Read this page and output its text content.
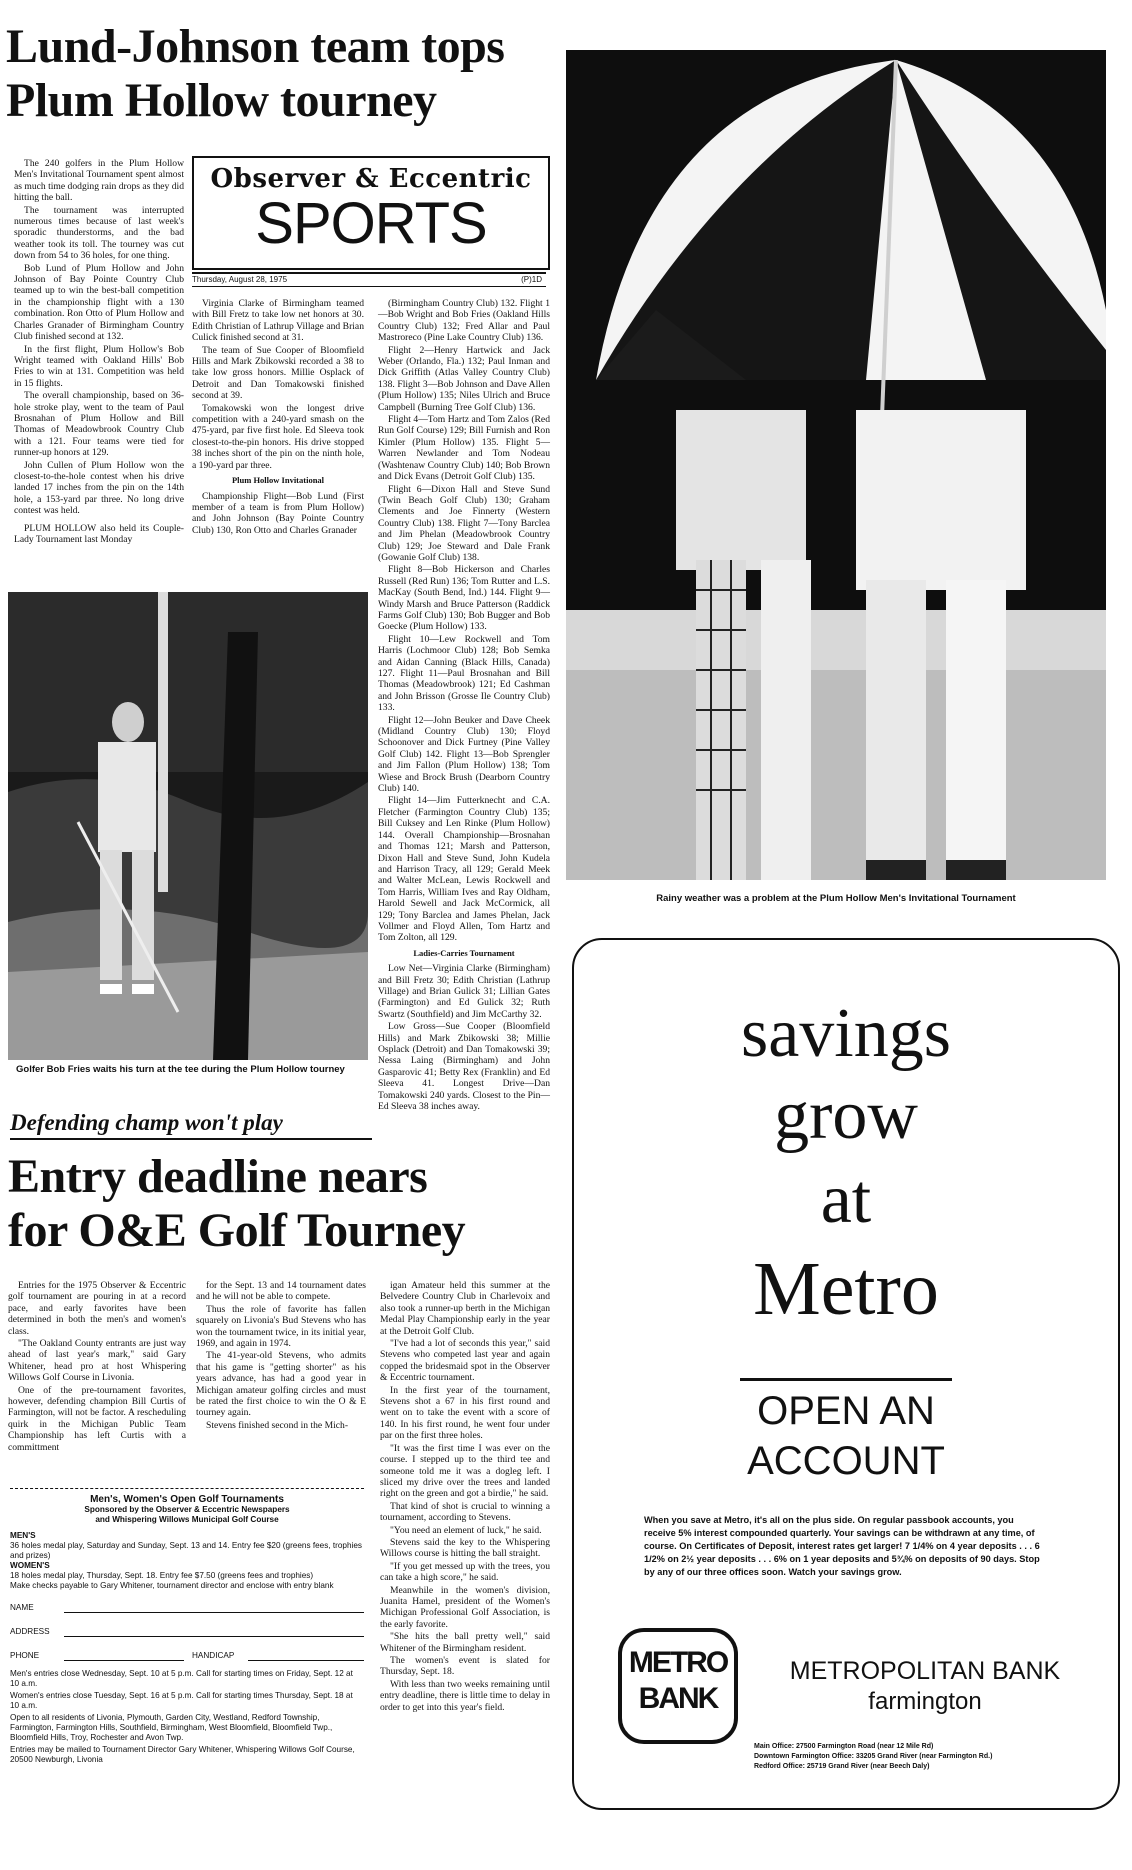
Lund-Johnson team tops
Plum Hollow tourney

The 240 golfers in the Plum Hollow Men's Invitational Tournament spent almost as much time dodging rain drops as they did hitting the ball.

The tournament was interrupted numerous times because of last week's sporadic thunderstorms, and the bad weather took its toll. The tourney was cut down from 54 to 36 holes, for one thing.

Bob Lund of Plum Hollow and John Johnson of Bay Pointe Country Club teamed up to win the best-ball competition in the championship flight with a 130 combination. Ron Otto of Plum Hollow and Charles Granader of Birmingham Country Club finished second at 132.

In the first flight, Plum Hollow's Bob Wright teamed with Oakland Hills' Bob Fries to win at 131. Competition was held in 15 flights.

The overall championship, based on 36-hole stroke play, went to the team of Paul Brosnahan of Plum Hollow and Bill Thomas of Meadowbrook Country Club with a 121. Four teams were tied for runner-up honors at 129.

John Cullen of Plum Hollow won the closest-to-the-hole contest when his drive landed 17 inches from the pin on the 14th hole, a 153-yard par three. No long drive contest was held.

PLUM HOLLOW also held its Couple-Lady Tournament last Monday

Observer & Eccentric
SPORTS
Thursday, August 28, 1975	(P)1D

Virginia Clarke of Birmingham teamed with Bill Fretz to take low net honors at 30. Edith Christian of Lathrup Village and Brian Culick finished second at 31.

The team of Sue Cooper of Bloomfield Hills and Mark Zbikowski recorded a 38 to take low gross honors. Millie Osplack of Detroit and Dan Tomakowski finished second at 39.

Tomakowski won the longest drive competition with a 240-yard smash on the 475-yard, par five first hole. Ed Sleeva took closest-to-the-pin honors. His drive stopped 38 inches short of the pin on the ninth hole, a 190-yard par three.

Plum Hollow Invitational

Championship Flight—Bob Lund (First member of a team is from Plum Hollow) and John Johnson (Bay Pointe Country Club) 130, Ron Otto and Charles Granader

(Birmingham Country Club) 132. Flight 1—Bob Wright and Bob Fries (Oakland Hills Country Club) 132; Fred Allar and Paul Mastroreco (Pine Lake Country Club) 136.

Flight 2—Henry Hartwick and Jack Weber (Orlando, Fla.) 132; Paul Inman and Dick Griffith (Atlas Valley Country Club) 138. Flight 3—Bob Johnson and Dave Allen (Plum Hollow) 135; Niles Ulrich and Bruce Campbell (Burning Tree Golf Club) 136.

Flight 4—Tom Hartz and Tom Zalos (Red Run Golf Course) 129; Bill Furnish and Ron Kimler (Plum Hollow) 135. Flight 5—Warren Newlander and Tom Nodeau (Washtenaw Country Club) 140; Bob Brown and Dick Evans (Detroit Golf Club) 135.

Flight 6—Dixon Hall and Steve Sund (Twin Beach Golf Club) 130; Graham Clements and Joe Finnerty (Western Country Club) 138. Flight 7—Tony Barclea and Jim Phelan (Meadowbrook Country Club) 129; Joe Steward and Dale Frank (Gowanie Golf Club) 138.

Flight 8—Bob Hickerson and Charles Russell (Red Run) 136; Tom Rutter and L.S. MacKay (South Bend, Ind.) 144. Flight 9—Windy Marsh and Bruce Patterson (Raddick Farms Golf Club) 130; Bob Bugger and Bob Goecke (Plum Hollow) 133.

Flight 10—Lew Rockwell and Tom Harris (Lochmoor Club) 128; Bob Semka and Aidan Canning (Black Hills, Canada) 127. Flight 11—Paul Brosnahan and Bill Thomas (Meadowbrook) 121; Ed Cashman and John Brisson (Grosse Ile Country Club) 133.

Flight 12—John Beuker and Dave Cheek (Midland Country Club) 130; Floyd Schoonover and Dick Furtney (Pine Valley Golf Club) 142. Flight 13—Bob Sprengler and Jim Fallon (Plum Hollow) 138; Tom Wiese and Brock Brush (Dearborn Country Club) 140.

Flight 14—Jim Futterknecht and C.A. Fletcher (Farmington Country Club) 135; Bill Cuksey and Len Rinke (Plum Hollow) 144. Overall Championship—Brosnahan and Thomas 121; Marsh and Patterson, Dixon Hall and Steve Sund, John Kudela and Harrison Tracy, all 129; Gerald Meek and Walter McLean, Lewis Rockwell and Tom Harris, William Ives and Ray Oldham, Harold Sewell and Jack McCormick, all 129; Tony Barclea and James Phelan, Jack Vollmer and Floyd Allen, Tom Hartz and Tom Zolton, all 129.

Ladies-Carries Tournament

Low Net—Virginia Clarke (Birmingham) and Bill Fretz 30; Edith Christian (Lathrup Village) and Brian Gulick 31; Lillian Gates (Farmington) and Ed Gulick 32; Ruth Swartz (Southfield) and Jim McCarthy 32.

Low Gross—Sue Cooper (Bloomfield Hills) and Mark Zbikowski 38; Millie Osplack (Detroit) and Dan Tomakowski 39; Nessa Laing (Birmingham) and John Gasparovic 41; Betty Rex (Franklin) and Ed Sleeva 41. Longest Drive—Dan Tomakowski 240 yards. Closest to the Pin—Ed Sleeva 38 inches away.

Golfer Bob Fries waits his turn at the tee during the Plum Hollow tourney
Rainy weather was a problem at the Plum Hollow Men's Invitational Tournament
Defending champ won't play
Entry deadline nears
for O&E Golf Tourney

Entries for the 1975 Observer & Eccentric golf tournament are pouring in at a record pace, and early favorites have been determined in both the men's and women's class.

"The Oakland County entrants are just way ahead of last year's mark," said Gary Whitener, head pro at host Whispering Willows Golf Course in Livonia.

One of the pre-tournament favorites, however, defending champion Bill Curtis of Farmington, will not be factor. A rescheduling quirk in the Michigan Public Team Championship has left Curtis with a committment

for the Sept. 13 and 14 tournament dates and he will not be able to compete.

Thus the role of favorite has fallen squarely on Livonia's Bud Stevens who has won the tournament twice, in its initial year, 1969, and again in 1974.

The 41-year-old Stevens, who admits that his game is "getting shorter" as his years advance, has had a good year in Michigan amateur golfing circles and must be rated the first choice to win the O & E tourney again.

Stevens finished second in the Mich-

igan Amateur held this summer at the Belvedere Country Club in Charlevoix and also took a runner-up berth in the Michigan Medal Play Championship early in the year at the Detroit Golf Club.

"I've had a lot of seconds this year," said Stevens who competed last year and again copped the bridesmaid spot in the Observer & Eccentric tournament.

In the first year of the tournament, Stevens shot a 67 in his first round and went on to take the event with a score of 140. In his first round, he went four under par on the first three holes.

"It was the first time I was ever on the course. I stepped up to the third tee and someone told me it was a dogleg left. I sliced my drive over the trees and landed right on the green and got a birdie," he said.

That kind of shot is crucial to winning a tournament, according to Stevens.

"You need an element of luck," he said.

Stevens said the key to the Whispering Willows course is hitting the ball straight.

"If you get messed up with the trees, you can take a high score," he said.

Meanwhile in the women's division, Juanita Hamel, president of the Women's Michigan Professional Golf Association, is the early favorite.

"She hits the ball pretty well," said Whitener of the Birmingham resident.

The women's event is slated for Thursday, Sept. 18.

With less than two weeks remaining until entry deadline, there is little time to delay in order to get into this year's field.

Men's, Women's Open Golf Tournaments
Sponsored by the Observer & Eccentric Newspapers
and Whispering Willows Municipal Golf Course
MEN'S
36 holes medal play, Saturday and Sunday, Sept. 13 and 14. Entry fee $20 (greens fees, trophies and prizes)
WOMEN'S
18 holes medal play, Thursday, Sept. 18. Entry fee $7.50 (greens fees and trophies)
Make checks payable to Gary Whitener, tournament director and enclose with entry blank
NAME
ADDRESS
PHONE	HANDICAP
Men's entries close Wednesday, Sept. 10 at 5 p.m. Call for starting times on Friday, Sept. 12 at 10 a.m.
Women's entries close Tuesday, Sept. 16 at 5 p.m. Call for starting times Thursday, Sept. 18 at 10 a.m.
Open to all residents of Livonia, Plymouth, Garden City, Westland, Redford Township, Farmington, Farmington Hills, Southfield, Birmingham, West Bloomfield, Bloomfield Twp., Bloomfield Hills, Troy, Rochester and Avon Twp.
Entries may be mailed to Tournament Director Gary Whitener, Whispering Willows Golf Course, 20500 Newburgh, Livonia
savings
grow
at
Metro
OPEN AN
ACCOUNT
When you save at Metro, it's all on the plus side. On regular passbook accounts, you receive 5% interest compounded quarterly. Your savings can be withdrawn at any time, of course. On Certificates of Deposit, interest rates get larger! 7 1/4% on 4 year deposits . . . 6 1/2% on 2½ year deposits . . . 6% on 1 year deposits and 5¾% on deposits of 90 days. Stop by any of our three offices soon. Watch your savings grow.
METRO
BANK
METROPOLITAN BANK
farmington
Main Office: 27500 Farmington Road (near 12 Mile Rd)
Downtown Farmington Office: 33205 Grand River (near Farmington Rd.)
Redford Office: 25719 Grand River (near Beech Daly)
